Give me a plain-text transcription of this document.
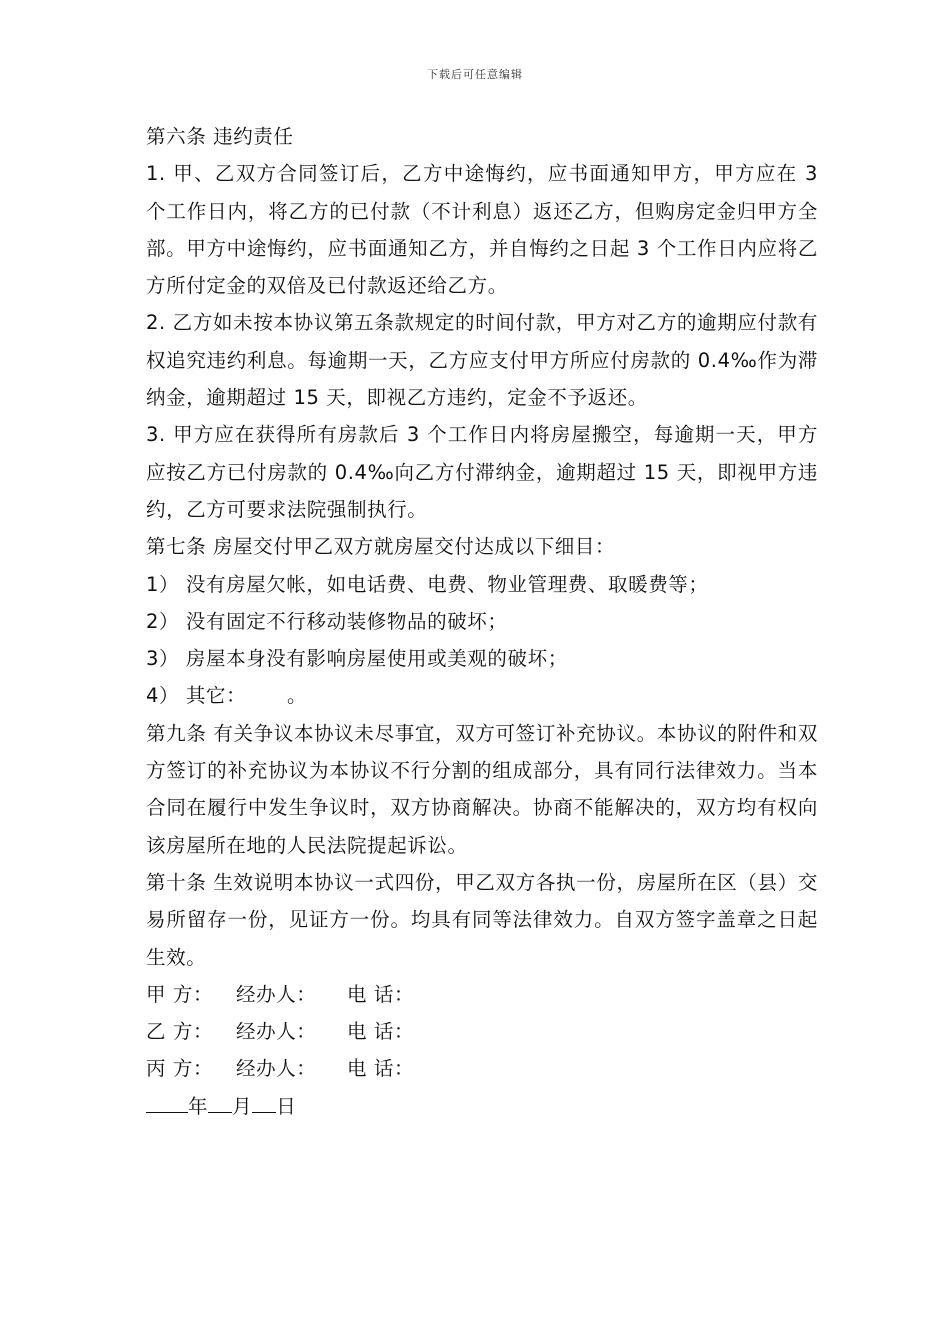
下载后可任意编辑

第六条 违约责任

1. 甲、乙双方合同签订后，乙方中途悔约，应书面通知甲方，甲方应在 3 个工作日内，将乙方的已付款（不计利息）返还乙方，但购房定金归甲方全部。甲方中途悔约，应书面通知乙方，并自悔约之日起 3 个工作日内应将乙方所付定金的双倍及已付款返还给乙方。

2. 乙方如未按本协议第五条款规定的时间付款，甲方对乙方的逾期应付款有权追究违约利息。每逾期一天，乙方应支付甲方所应付房款的 0.4‰作为滞纳金，逾期超过 15 天，即视乙方违约，定金不予返还。

3. 甲方应在获得所有房款后 3 个工作日内将房屋搬空，每逾期一天，甲方应按乙方已付房款的 0.4‰向乙方付滞纳金，逾期超过 15 天，即视甲方违约，乙方可要求法院强制执行。

第七条 房屋交付甲乙双方就房屋交付达成以下细目：

1） 没有房屋欠帐，如电话费、电费、物业管理费、取暖费等；

2） 没有固定不行移动装修物品的破坏；

3） 房屋本身没有影响房屋使用或美观的破坏；

4） 其它：      。

第九条 有关争议本协议未尽事宜，双方可签订补充协议。本协议的附件和双方签订的补充协议为本协议不行分割的组成部分，具有同行法律效力。当本合同在履行中发生争议时，双方协商解决。协商不能解决的，双方均有权向该房屋所在地的人民法院提起诉讼。

第十条 生效说明本协议一式四份，甲乙双方各执一份，房屋所在区（县）交易所留存一份，见证方一份。均具有同等法律效力。自双方签字盖章之日起生效。

甲 方： 经办人： 电 话：

乙 方： 经办人： 电 话：

丙 方： 经办人： 电 话：

年 月 日
